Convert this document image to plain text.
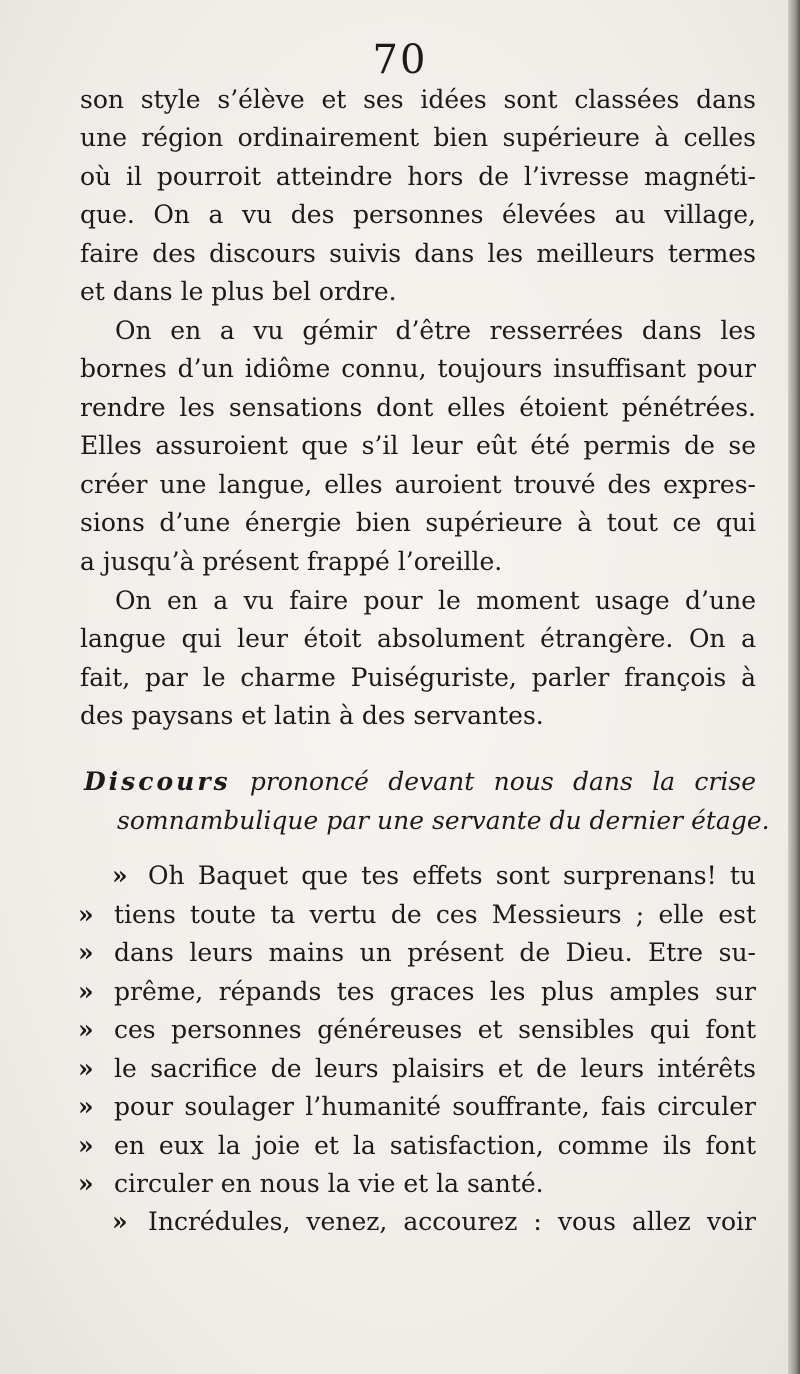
70
son style s’élève et ses idées sont classées dans
une région ordinairement bien supérieure à celles
où il pourroit atteindre hors de l’ivresse magnéti-
que. On a vu des personnes élevées au village,
faire des discours suivis dans les meilleurs termes
et dans le plus bel ordre.
On en a vu gémir d’être resserrées dans les
bornes d’un idiôme connu, toujours insuffisant pour
rendre les sensations dont elles étoient pénétrées.
Elles assuroient que s’il leur eût été permis de se
créer une langue, elles auroient trouvé des expres-
sions d’une énergie bien supérieure à tout ce qui
a jusqu’à présent frappé l’oreille.
On en a vu faire pour le moment usage d’une
langue qui leur étoit absolument étrangère. On a
fait, par le charme Puiséguriste, parler françois à
des paysans et latin à des servantes.
Discours prononcé devant nous dans la crise
somnambulique par une servante du dernier étage.
» Oh Baquet que tes effets sont surprenans! tu
» tiens toute ta vertu de ces Messieurs ; elle est
» dans leurs mains un présent de Dieu. Etre su-
» prême, répands tes graces les plus amples sur
» ces personnes généreuses et sensibles qui font
» le sacrifice de leurs plaisirs et de leurs intérêts
» pour soulager l’humanité souffrante, fais circuler
» en eux la joie et la satisfaction, comme ils font
» circuler en nous la vie et la santé.
» Incrédules, venez, accourez : vous allez voir
